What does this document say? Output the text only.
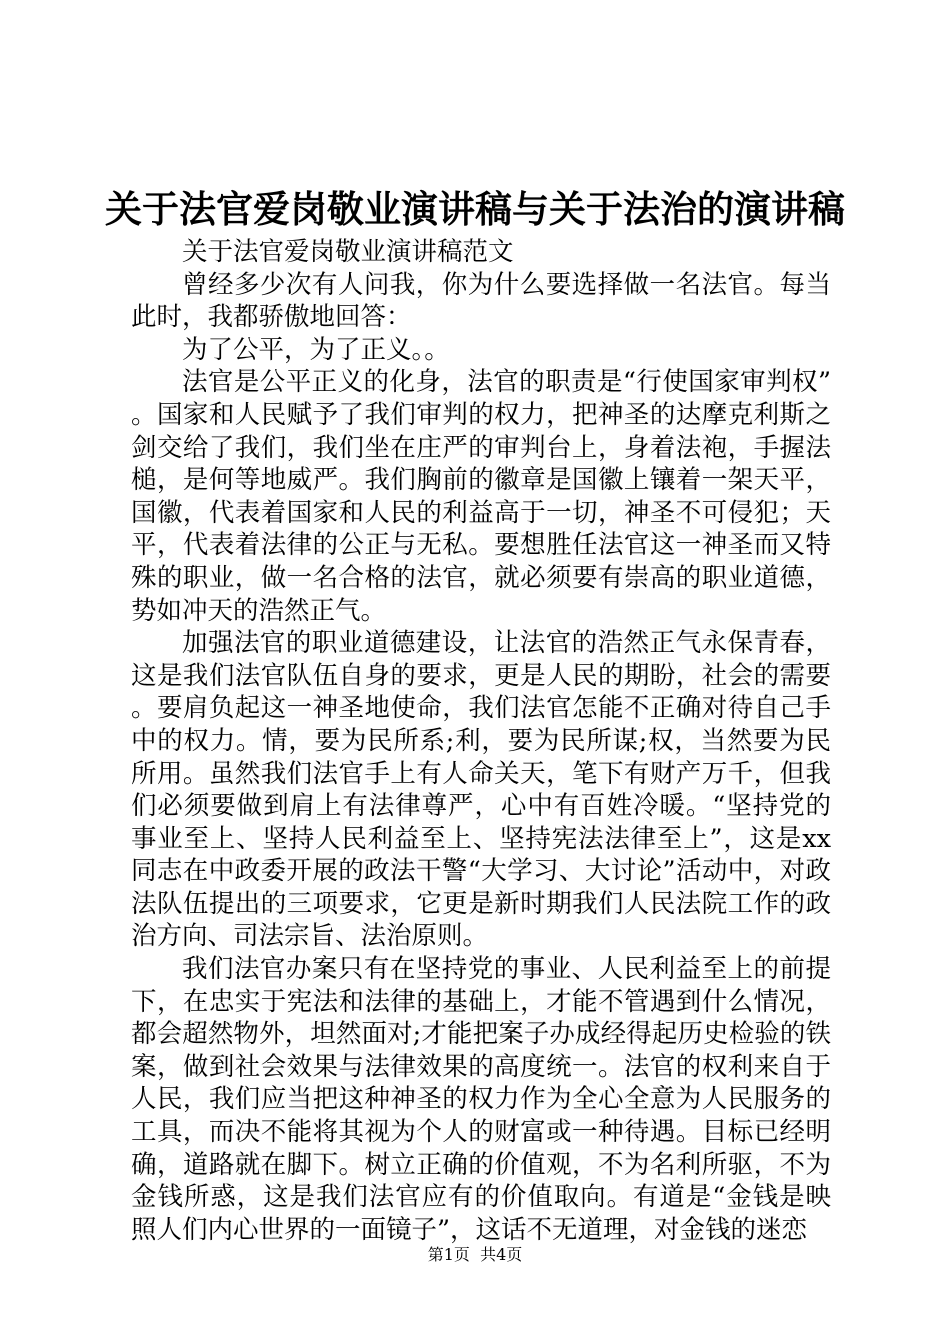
关于法官爱岗敬业演讲稿与关于法治的演讲稿

关于法官爱岗敬业演讲稿范文

曾经多少次有人问我，你为什么要选择做一名法官。每当此时，我都骄傲地回答：

为了公平，为了正义。。

法官是公平正义的化身，法官的职责是“行使国家审判权”。国家和人民赋予了我们审判的权力，把神圣的达摩克利斯之剑交给了我们，我们坐在庄严的审判台上，身着法袍，手握法槌，是何等地威严。我们胸前的徽章是国徽上镶着一架天平，国徽，代表着国家和人民的利益高于一切，神圣不可侵犯；天平，代表着法律的公正与无私。要想胜任法官这一神圣而又特殊的职业，做一名合格的法官，就必须要有崇高的职业道德，势如冲天的浩然正气。

加强法官的职业道德建设，让法官的浩然正气永保青春，这是我们法官队伍自身的要求，更是人民的期盼，社会的需要。要肩负起这一神圣地使命，我们法官怎能不正确对待自己手中的权力。情，要为民所系;利，要为民所谋;权，当然要为民所用。虽然我们法官手上有人命关天，笔下有财产万千，但我们必须要做到肩上有法律尊严，心中有百姓冷暖。“坚持党的事业至上、坚持人民利益至上、坚持宪法法律至上”，这是xx同志在中政委开展的政法干警“大学习、大讨论”活动中，对政法队伍提出的三项要求，它更是新时期我们人民法院工作的政治方向、司法宗旨、法治原则。

我们法官办案只有在坚持党的事业、人民利益至上的前提下，在忠实于宪法和法律的基础上，才能不管遇到什么情况，都会超然物外，坦然面对;才能把案子办成经得起历史检验的铁案，做到社会效果与法律效果的高度统一。法官的权利来自于人民，我们应当把这种神圣的权力作为全心全意为人民服务的工具，而决不能将其视为个人的财富或一种待遇。目标已经明确，道路就在脚下。树立正确的价值观，不为名利所驱，不为金钱所惑，这是我们法官应有的价值取向。有道是“金钱是映照人们内心世界的一面镜子”，这话不无道理，对金钱的迷恋

第1页  共4页
